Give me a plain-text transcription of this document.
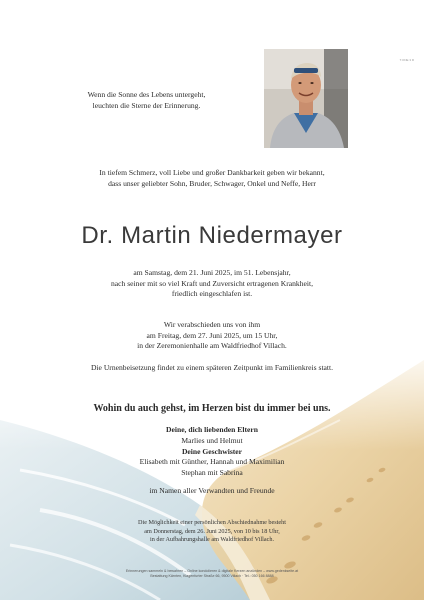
T.ONE 3 R
Wenn die Sonne des Lebens untergeht,
leuchten die Sterne der Erinnerung.
In tiefem Schmerz, voll Liebe und großer Dankbarkeit geben wir bekannt,
dass unser geliebter Sohn, Bruder, Schwager, Onkel und Neffe, Herr
Dr. Martin Niedermayer
am Samstag, dem 21. Juni 2025, im 51. Lebensjahr,
nach seiner mit so viel Kraft und Zuversicht ertragenen Krankheit,
friedlich eingeschlafen ist.
Wir verabschieden uns von ihm
am Freitag, dem 27. Juni 2025, um 15 Uhr,
in der Zeremonienhalle am Waldfriedhof Villach.
Die Urnenbeisetzung findet zu einem späteren Zeitpunkt im Familienkreis statt.
Wohin du auch gehst, im Herzen bist du immer bei uns.
Deine, dich liebenden Eltern
Marlies und Helmut
Deine Geschwister
Elisabeth mit Günther, Hannah und Maximilian
Stephan mit Sabrina
im Namen aller Verwandten und Freunde
Die Möglichkeit einer persönlichen Abschiednahme besteht
am Donnerstag, dem 26. Juni 2025, von 10 bis 18 Uhr,
in der Aufbahrungshalle am Waldfriedhof Villach.
Erinnerungen sammeln & bewahren – Online kondolieren & digitale Kerzen anzünden – www.gedenkseite.at
Bestattung Kärnten, Klagenfurter Straße 66, 9500 Villach · Tel.: 050 166 8888
